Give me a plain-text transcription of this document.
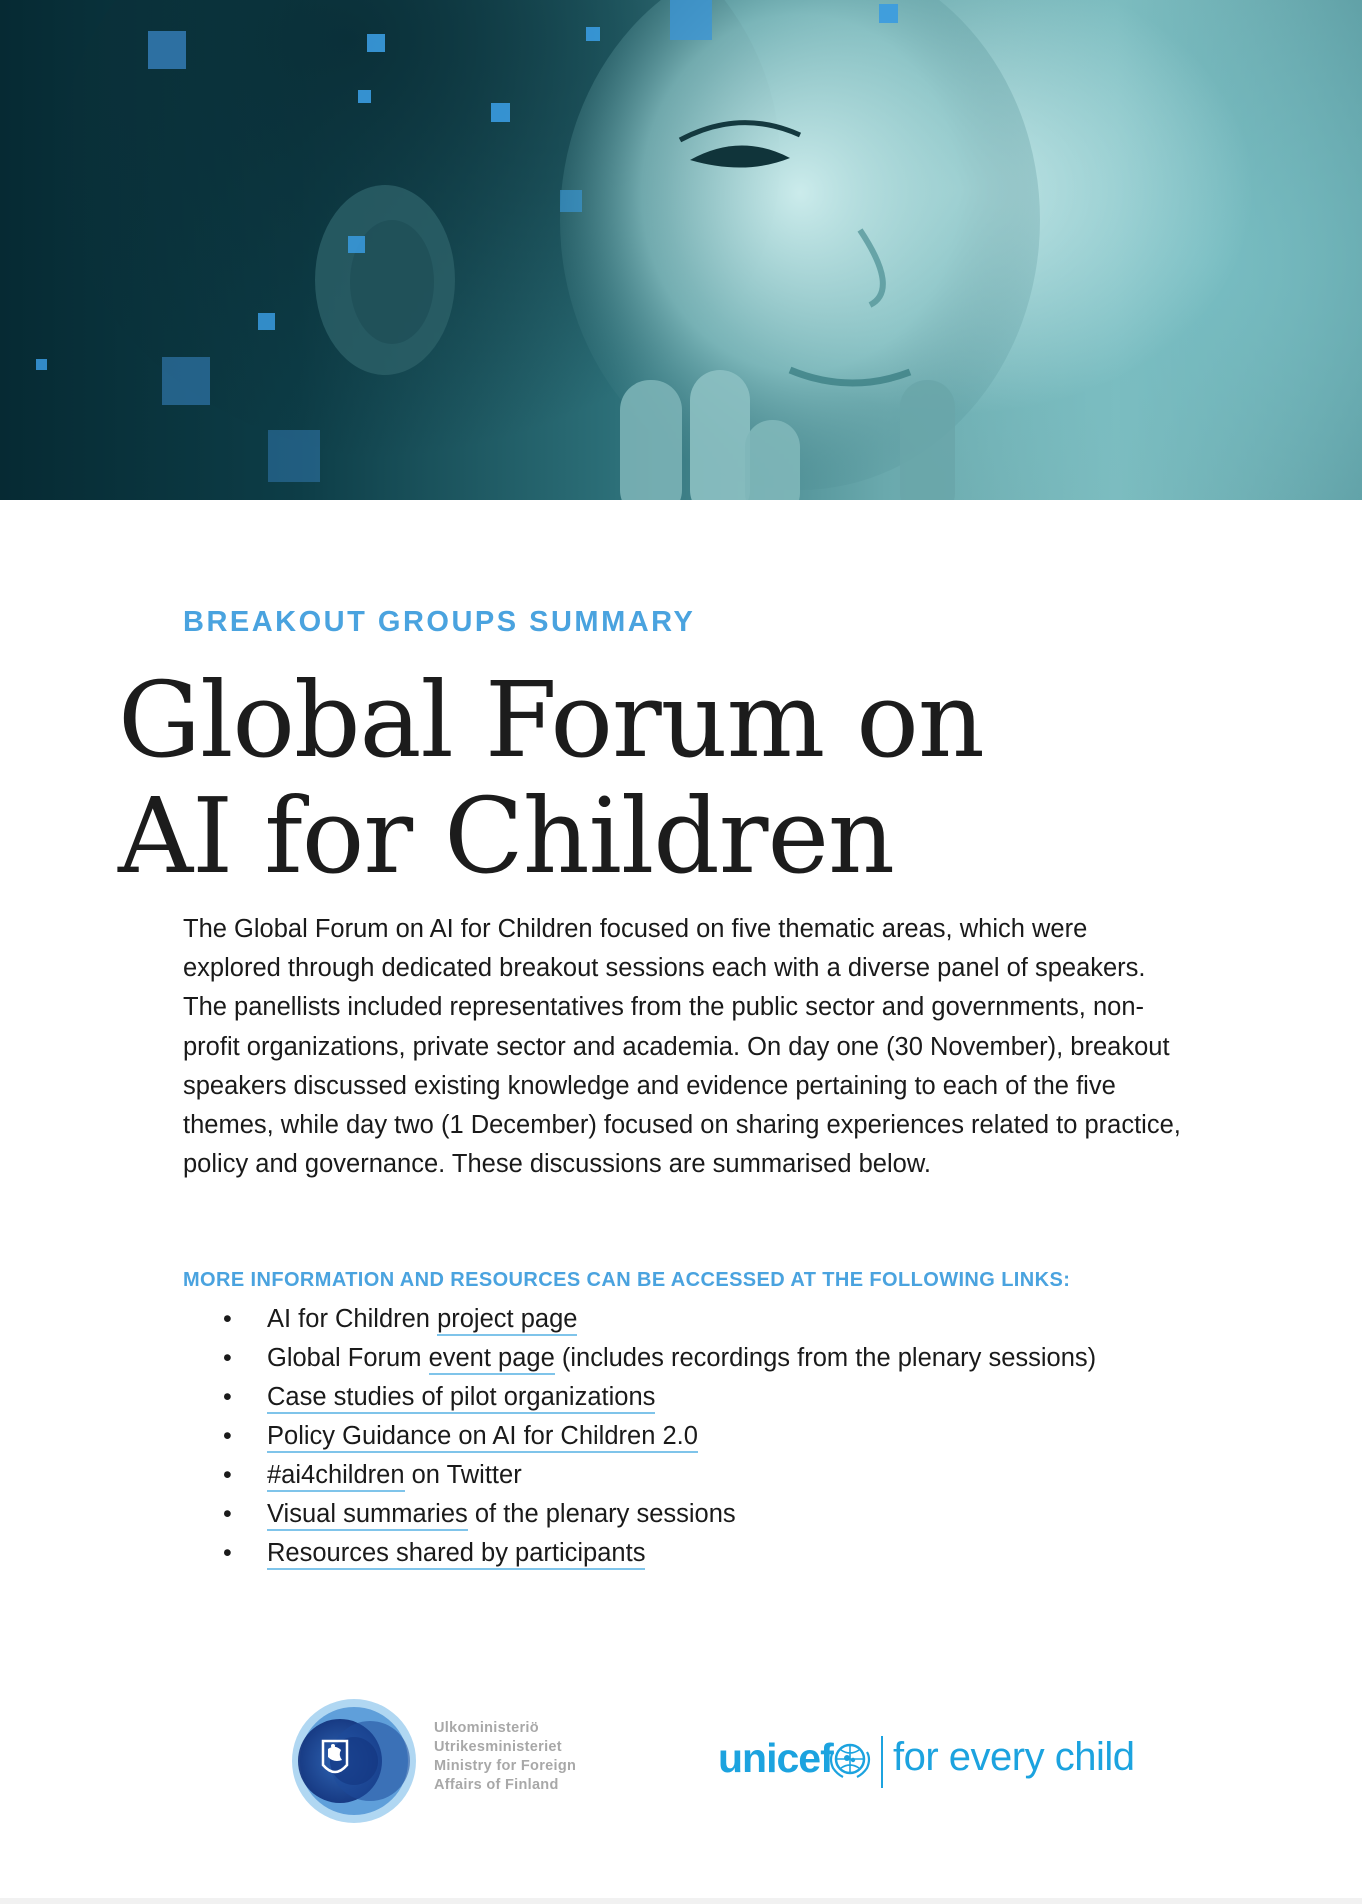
BREAKOUT GROUPS SUMMARY
Global Forum on
AI for Children

The Global Forum on AI for Children focused on five thematic areas, which were explored through dedicated breakout sessions each with a diverse panel of speakers. The panellists included representatives from the public sector and governments, non-profit organizations, private sector and academia. On day one (30 November), breakout speakers discussed existing knowledge and evidence pertaining to each of the five themes, while day two (1 December) focused on sharing experiences related to practice, policy and governance. These discussions are summarised below.

MORE INFORMATION AND RESOURCES CAN BE ACCESSED AT THE FOLLOWING LINKS:
• AI for Children project page
• Global Forum event page (includes recordings from the plenary sessions)
• Case studies of pilot organizations
• Policy Guidance on AI for Children 2.0
• #ai4children on Twitter
• Visual summaries of the plenary sessions
• Resources shared by participants
Ulkoministeriö
Utrikesministeriet
Ministry for Foreign
Affairs of Finland
unicef for every child
